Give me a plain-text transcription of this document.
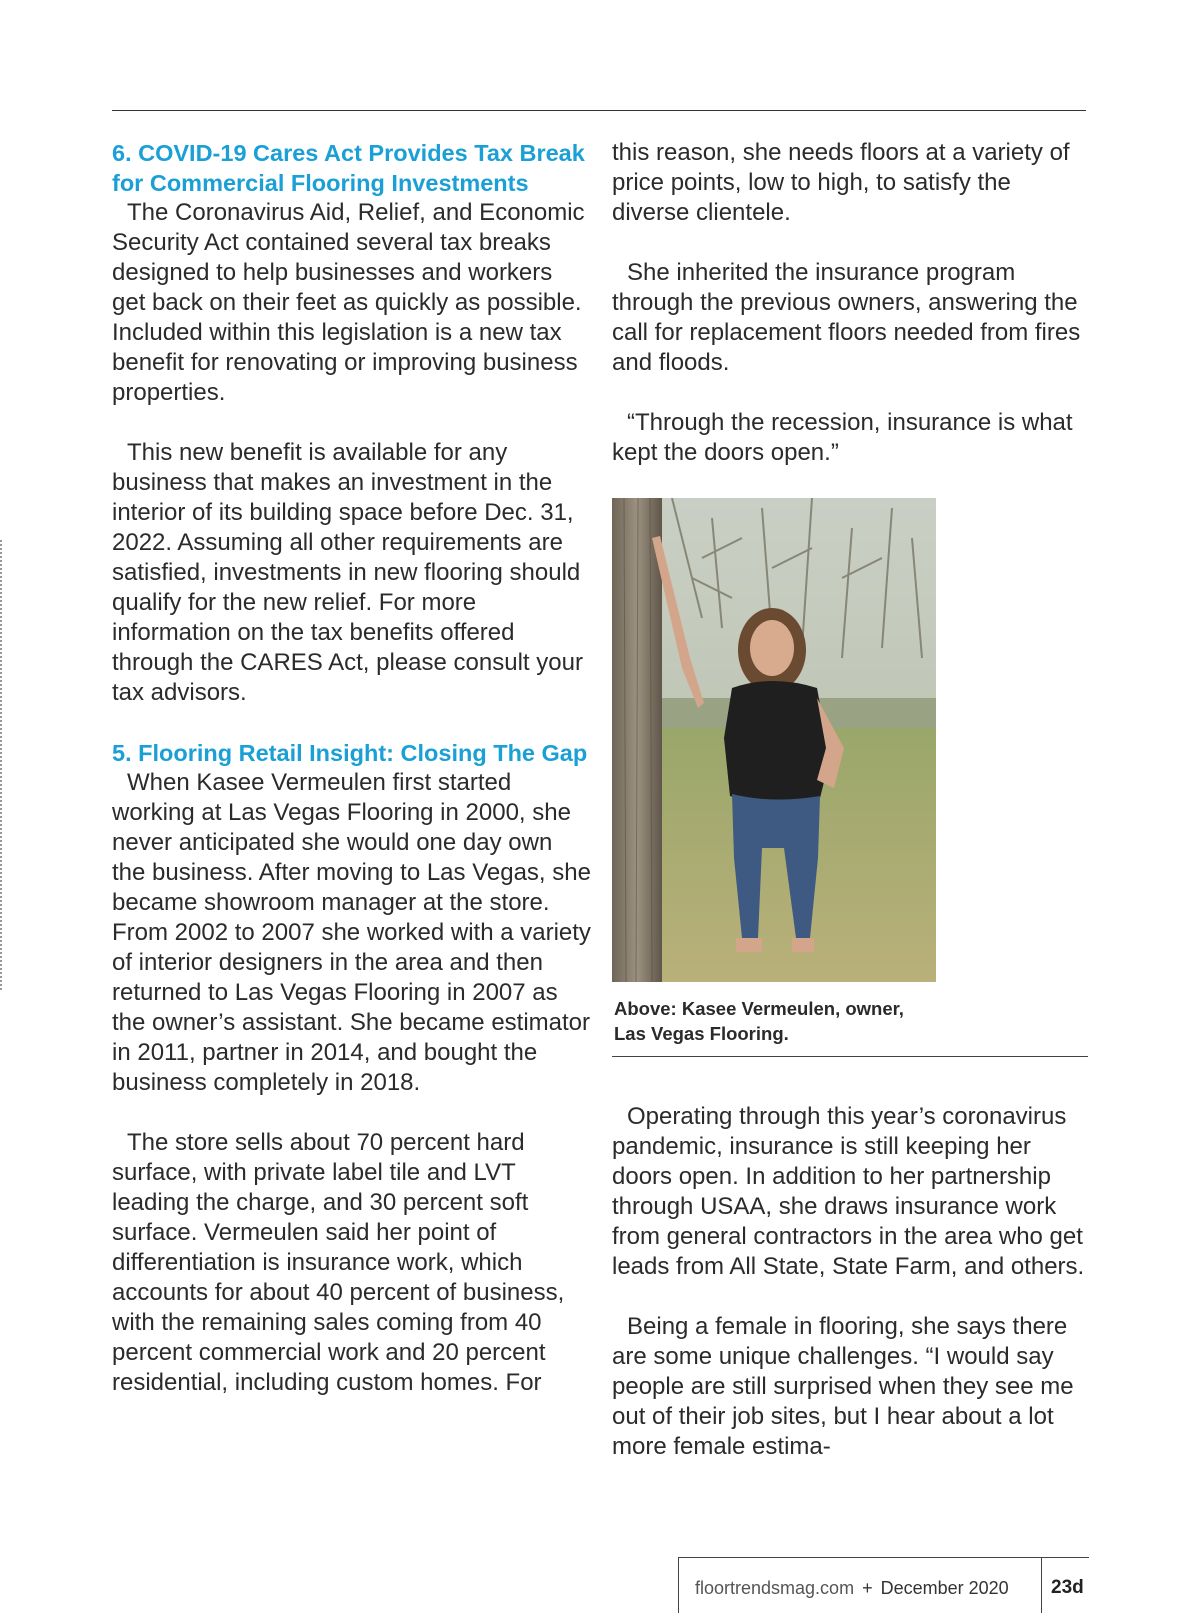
6. COVID-19 Cares Act Provides Tax Break for Commercial Flooring Investments

The Coronavirus Aid, Relief, and Economic Security Act contained several tax breaks designed to help businesses and workers get back on their feet as quickly as possible. Included within this legislation is a new tax benefit for renovating or improving business properties.

This new benefit is available for any business that makes an investment in the interior of its building space before Dec. 31, 2022. Assuming all other requirements are satisfied, investments in new flooring should qualify for the new relief. For more information on the tax benefits offered through the CARES Act, please consult your tax advisors.

5. Flooring Retail Insight: Closing The Gap

When Kasee Vermeulen first started working at Las Vegas Flooring in 2000, she never anticipated she would one day own the business. After moving to Las Vegas, she became showroom manager at the store. From 2002 to 2007 she worked with a variety of interior designers in the area and then returned to Las Vegas Flooring in 2007 as the owner’s assistant. She became estimator in 2011, partner in 2014, and bought the business completely in 2018.

The store sells about 70 percent hard surface, with private label tile and LVT leading the charge, and 30 percent soft surface. Vermeulen said her point of differentiation is insurance work, which accounts for about 40 percent of business, with the remaining sales coming from 40 percent commercial work and 20 percent residential, including custom homes. For

this reason, she needs floors at a variety of price points, low to high, to satisfy the diverse clientele.

She inherited the insurance program through the previous owners, answering the call for replacement floors needed from fires and floods.

“Through the recession, insurance is what kept the doors open.”

Above: Kasee Vermeulen, owner,
Las Vegas Flooring.

Operating through this year’s coronavirus pandemic, insurance is still keeping her doors open. In addition to her partnership through USAA, she draws insurance work from general contractors in the area who get leads from All State, State Farm, and others.

Being a female in flooring, she says there are some unique challenges. “I would say people are still surprised when they see me out of their job sites, but I hear about a lot more female estima-

floortrendsmag.com + December 2020 23d
